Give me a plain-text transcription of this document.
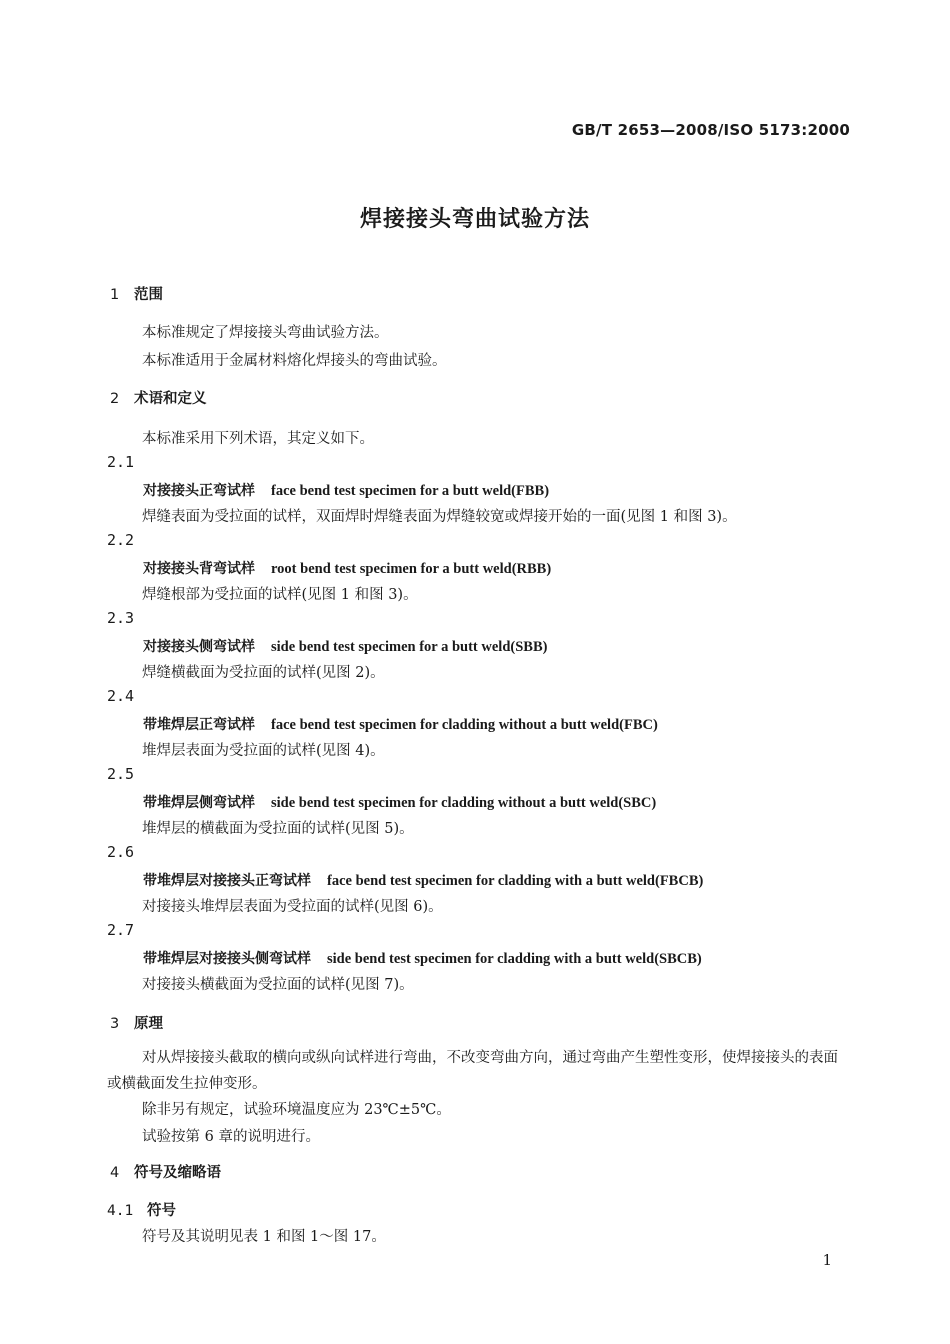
GB/T 2653—2008/ISO 5173:2000
焊接接头弯曲试验方法
1 范围
本标准规定了焊接接头弯曲试验方法。
本标准适用于金属材料熔化焊接头的弯曲试验。
2 术语和定义
本标准采用下列术语，其定义如下。
2.1
对接接头正弯试样 face bend test specimen for a butt weld(FBB)
焊缝表面为受拉面的试样，双面焊时焊缝表面为焊缝较宽或焊接开始的一面(见图 1 和图 3)。
2.2
对接接头背弯试样 root bend test specimen for a butt weld(RBB)
焊缝根部为受拉面的试样(见图 1 和图 3)。
2.3
对接接头侧弯试样 side bend test specimen for a butt weld(SBB)
焊缝横截面为受拉面的试样(见图 2)。
2.4
带堆焊层正弯试样 face bend test specimen for cladding without a butt weld(FBC)
堆焊层表面为受拉面的试样(见图 4)。
2.5
带堆焊层侧弯试样 side bend test specimen for cladding without a butt weld(SBC)
堆焊层的横截面为受拉面的试样(见图 5)。
2.6
带堆焊层对接接头正弯试样 face bend test specimen for cladding with a butt weld(FBCB)
对接接头堆焊层表面为受拉面的试样(见图 6)。
2.7
带堆焊层对接接头侧弯试样 side bend test specimen for cladding with a butt weld(SBCB)
对接接头横截面为受拉面的试样(见图 7)。
3 原理
对从焊接接头截取的横向或纵向试样进行弯曲，不改变弯曲方向，通过弯曲产生塑性变形，使焊接接头的表面或横截面发生拉伸变形。
除非另有规定，试验环境温度应为 23℃±5℃。
试验按第 6 章的说明进行。
4 符号及缩略语
4.1 符号
符号及其说明见表 1 和图 1～图 17。
1
